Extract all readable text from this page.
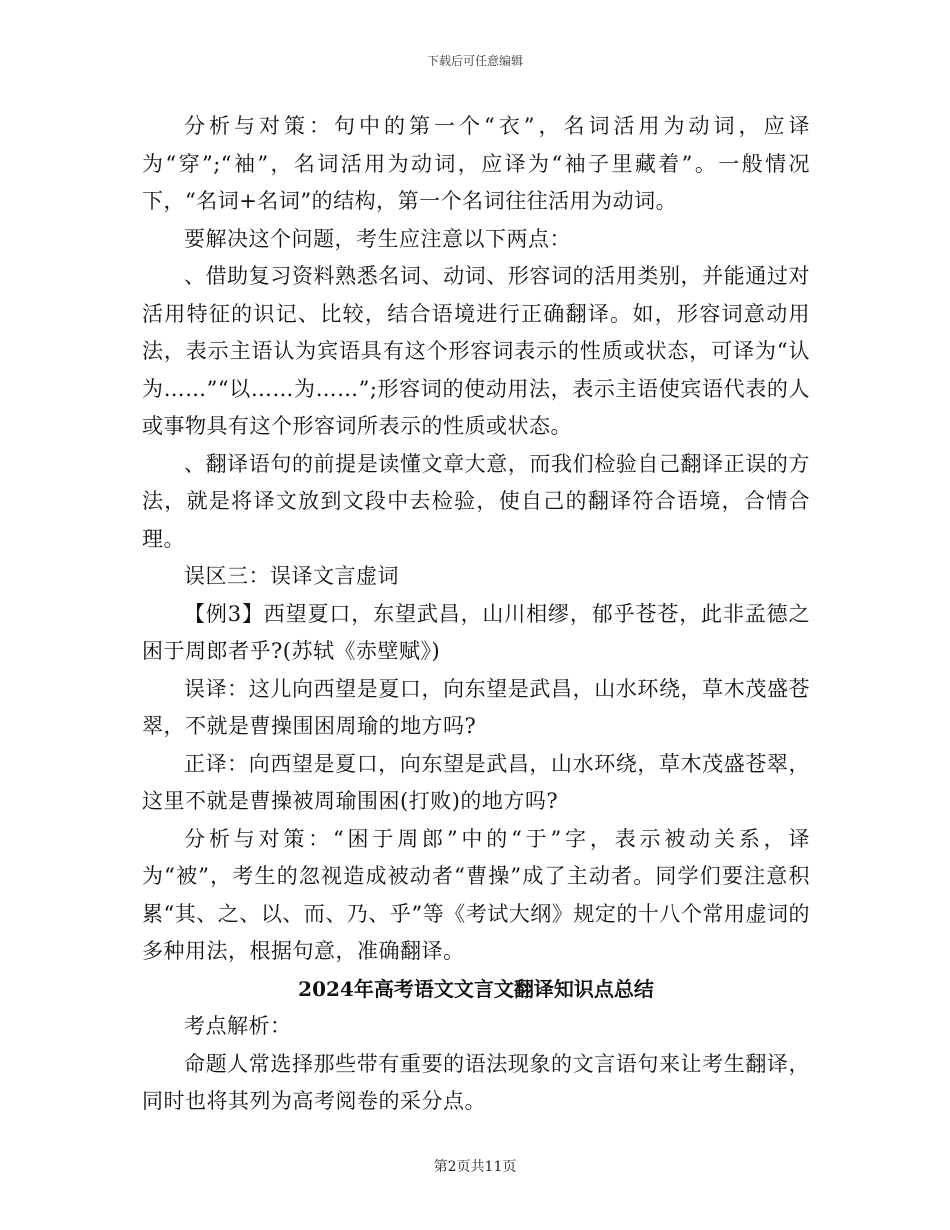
下载后可任意编辑

分析与对策：句中的第一个“衣”，名词活用为动词，应译为“穿”;“袖”，名词活用为动词，应译为“袖子里藏着”。一般情况下，“名词+名词”的结构，第一个名词往往活用为动词。

要解决这个问题，考生应注意以下两点：

、借助复习资料熟悉名词、动词、形容词的活用类别，并能通过对活用特征的识记、比较，结合语境进行正确翻译。如，形容词意动用法，表示主语认为宾语具有这个形容词表示的性质或状态，可译为“认为……”“以……为……”;形容词的使动用法，表示主语使宾语代表的人或事物具有这个形容词所表示的性质或状态。

、翻译语句的前提是读懂文章大意，而我们检验自己翻译正误的方法，就是将译文放到文段中去检验，使自己的翻译符合语境，合情合理。

误区三：误译文言虚词

【例3】西望夏口，东望武昌，山川相缪，郁乎苍苍，此非孟德之困于周郎者乎?(苏轼《赤壁赋》)

误译：这儿向西望是夏口，向东望是武昌，山水环绕，草木茂盛苍翠，不就是曹操围困周瑜的地方吗?

正译：向西望是夏口，向东望是武昌，山水环绕，草木茂盛苍翠，这里不就是曹操被周瑜围困(打败)的地方吗?

分析与对策：“困于周郎”中的“于”字，表示被动关系，译为“被”，考生的忽视造成被动者“曹操”成了主动者。同学们要注意积累“其、之、以、而、乃、乎”等《考试大纲》规定的十八个常用虚词的多种用法，根据句意，准确翻译。

2024年高考语文文言文翻译知识点总结

考点解析：

命题人常选择那些带有重要的语法现象的文言语句来让考生翻译，同时也将其列为高考阅卷的采分点。

第2页共11页
